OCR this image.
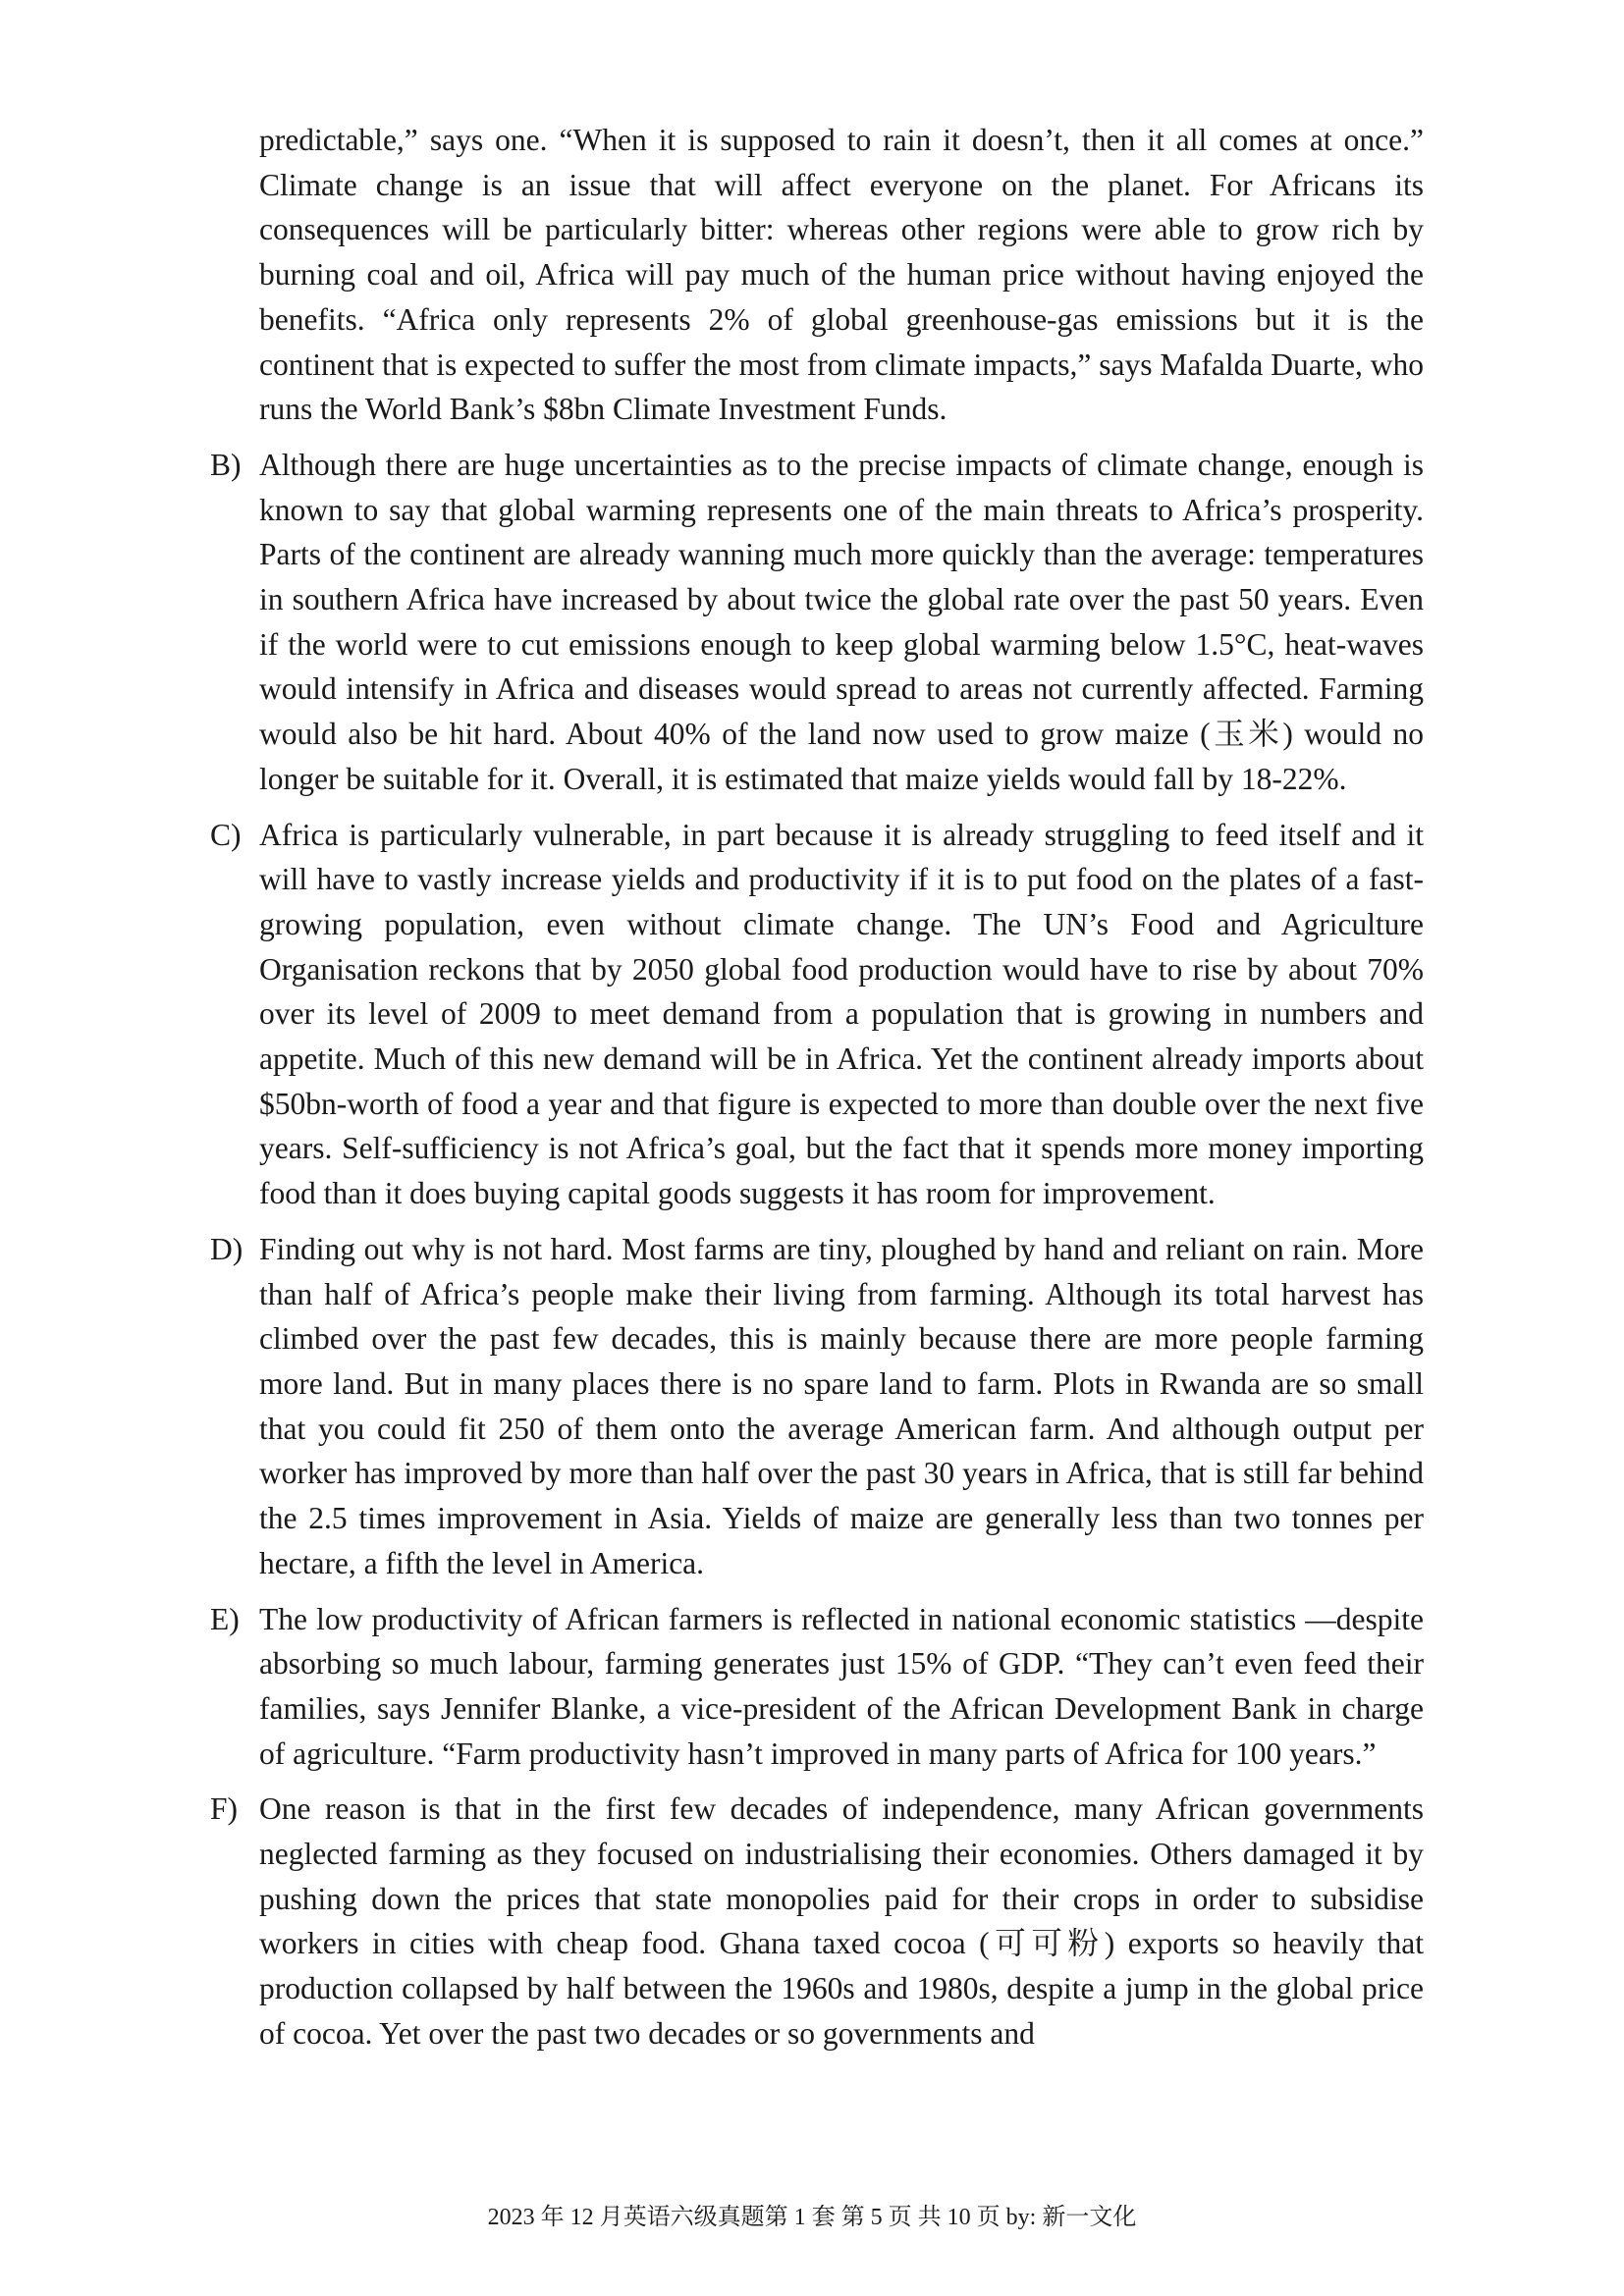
predictable,” says one. “When it is supposed to rain it doesn’t, then it all comes at once.” Climate change is an issue that will affect everyone on the planet. For Africans its consequences will be particularly bitter: whereas other regions were able to grow rich by burning coal and oil, Africa will pay much of the human price without having enjoyed the benefits. “Africa only represents 2% of global greenhouse-gas emissions but it is the continent that is expected to suffer the most from climate impacts,” says Mafalda Duarte, who runs the World Bank’s $8bn Climate Investment Funds.

B) Although there are huge uncertainties as to the precise impacts of climate change, enough is known to say that global warming represents one of the main threats to Africa’s prosperity. Parts of the continent are already wanning much more quickly than the average: temperatures in southern Africa have increased by about twice the global rate over the past 50 years. Even if the world were to cut emissions enough to keep global warming below 1.5°C, heat-waves would intensify in Africa and diseases would spread to areas not currently affected. Farming would also be hit hard. About 40% of the land now used to grow maize (玉米) would no longer be suitable for it. Overall, it is estimated that maize yields would fall by 18-22%.

C) Africa is particularly vulnerable, in part because it is already struggling to feed itself and it will have to vastly increase yields and productivity if it is to put food on the plates of a fast-growing population, even without climate change. The UN’s Food and Agriculture Organisation reckons that by 2050 global food production would have to rise by about 70% over its level of 2009 to meet demand from a population that is growing in numbers and appetite. Much of this new demand will be in Africa. Yet the continent already imports about $50bn-worth of food a year and that figure is expected to more than double over the next five years. Self-sufficiency is not Africa’s goal, but the fact that it spends more money importing food than it does buying capital goods suggests it has room for improvement.

D) Finding out why is not hard. Most farms are tiny, ploughed by hand and reliant on rain. More than half of Africa’s people make their living from farming. Although its total harvest has climbed over the past few decades, this is mainly because there are more people farming more land. But in many places there is no spare land to farm. Plots in Rwanda are so small that you could fit 250 of them onto the average American farm. And although output per worker has improved by more than half over the past 30 years in Africa, that is still far behind the 2.5 times improvement in Asia. Yields of maize are generally less than two tonnes per hectare, a fifth the level in America.

E) The low productivity of African farmers is reflected in national economic statistics —despite absorbing so much labour, farming generates just 15% of GDP. “They can’t even feed their families, says Jennifer Blanke, a vice-president of the African Development Bank in charge of agriculture. “Farm productivity hasn’t improved in many parts of Africa for 100 years.”

F) One reason is that in the first few decades of independence, many African governments neglected farming as they focused on industrialising their economies. Others damaged it by pushing down the prices that state monopolies paid for their crops in order to subsidise workers in cities with cheap food. Ghana taxed cocoa (可可粉) exports so heavily that production collapsed by half between the 1960s and 1980s, despite a jump in the global price of cocoa. Yet over the past two decades or so governments and

2023 年 12 月英语六级真题第 1 套 第 5 页 共 10 页 by: 新一文化
